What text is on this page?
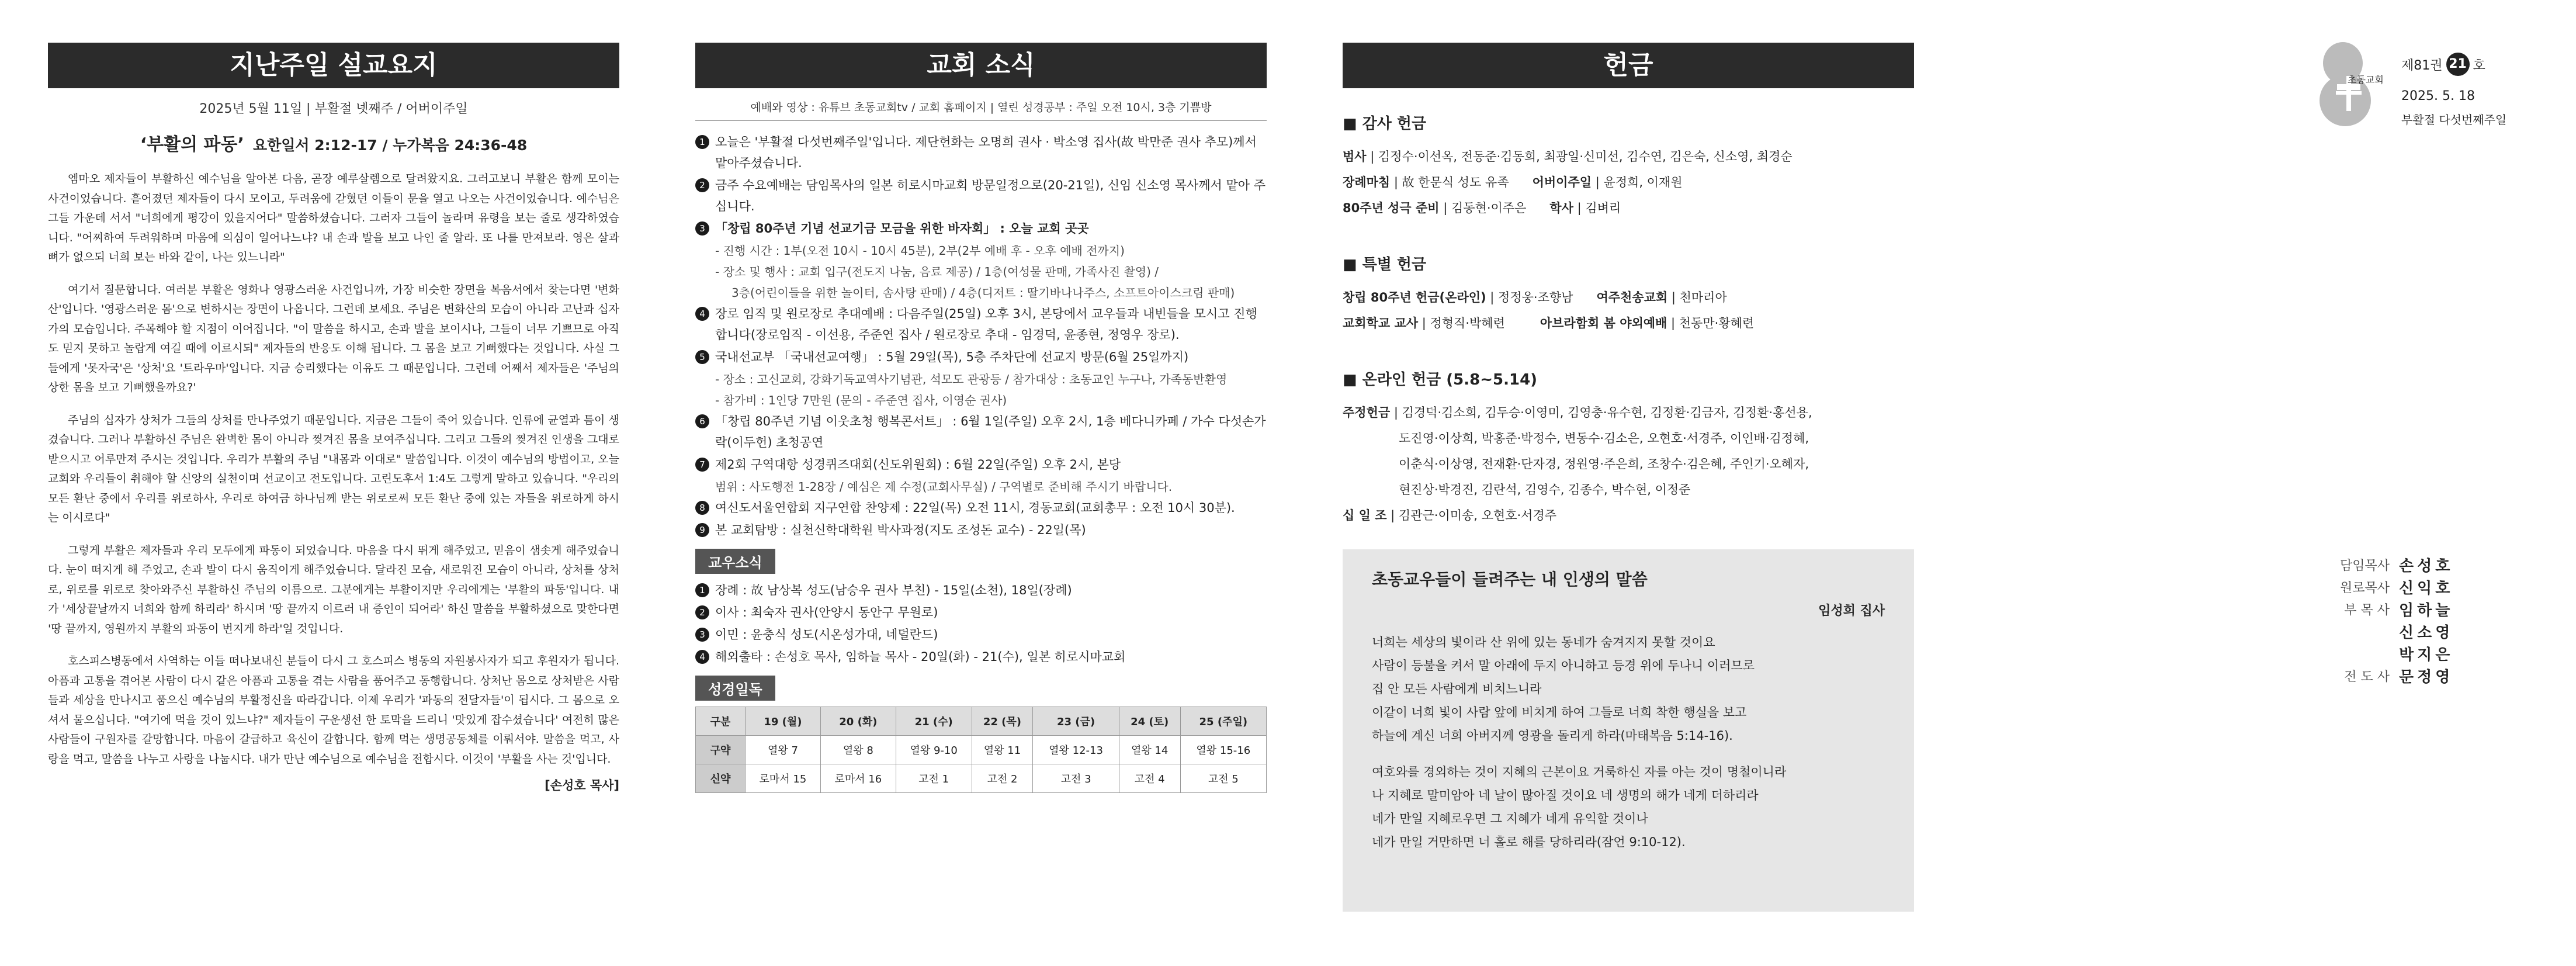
지난주일 설교요지
2025년 5월 11일 | 부활절 넷째주 / 어버이주일
‘부활의 파동’ 요한일서 2:12-17 / 누가복음 24:36-48

엠마오 제자들이 부활하신 예수님을 알아본 다음, 곧장 예루살렘으로 달려왔지요. 그러고보니 부활은 함께 모이는 사건이었습니다. 흩어졌던 제자들이 다시 모이고, 두려움에 갇혔던 이들이 문을 열고 나오는 사건이었습니다. 예수님은 그들 가운데 서서 "너희에게 평강이 있을지어다" 말씀하셨습니다. 그러자 그들이 놀라며 유령을 보는 줄로 생각하였습니다. "어찌하여 두려워하며 마음에 의심이 일어나느냐? 내 손과 발을 보고 나인 줄 알라. 또 나를 만져보라. 영은 살과 뼈가 없으되 너희 보는 바와 같이, 나는 있느니라"

여기서 질문합니다. 여러분 부활은 영화나 영광스러운 사건입니까, 가장 비슷한 장면을 복음서에서 찾는다면 '변화산'입니다. '영광스러운 몸'으로 변하시는 장면이 나옵니다. 그런데 보세요. 주님은 변화산의 모습이 아니라 고난과 십자가의 모습입니다. 주목해야 할 지점이 이어집니다. "이 말씀을 하시고, 손과 발을 보이시나, 그들이 너무 기쁘므로 아직도 믿지 못하고 놀랍게 여길 때에 이르시되" 제자들의 반응도 이해 됩니다. 그 몸을 보고 기뻐했다는 것입니다. 사실 그들에게 '못자국'은 '상처'요 '트라우마'입니다. 지금 승리했다는 이유도 그 때문입니다. 그런데 어째서 제자들은 '주님의 상한 몸을 보고 기뻐했을까요?'

주님의 십자가 상처가 그들의 상처를 만나주었기 때문입니다. 지금은 그들이 죽어 있습니다. 인류에 균열과 틈이 생겼습니다. 그러나 부활하신 주님은 완벽한 몸이 아니라 찢겨진 몸을 보여주십니다. 그리고 그들의 찢겨진 인생을 그대로 받으시고 어루만져 주시는 것입니다. 우리가 부활의 주님 "내몸과 이대로" 말씀입니다. 이것이 예수님의 방법이고, 오늘 교회와 우리들이 취해야 할 신앙의 실천이며 선교이고 전도입니다. 고린도후서 1:4도 그렇게 말하고 있습니다. "우리의 모든 환난 중에서 우리를 위로하사, 우리로 하여금 하나님께 받는 위로로써 모든 환난 중에 있는 자들을 위로하게 하시는 이시로다"

그렇게 부활은 제자들과 우리 모두에게 파동이 되었습니다. 마음을 다시 뛰게 해주었고, 믿음이 샘솟게 해주었습니다. 눈이 떠지게 해 주었고, 손과 발이 다시 움직이게 해주었습니다. 달라진 모습, 새로워진 모습이 아니라, 상처를 상처로, 위로를 위로로 찾아와주신 부활하신 주님의 이름으로. 그분에게는 부활이지만 우리에게는 '부활의 파동'입니다. 내가 '세상끝날까지 너희와 함께 하리라' 하시며 '땅 끝까지 이르러 내 증인이 되어라' 하신 말씀을 부활하셨으로 맞한다면 '땅 끝까지, 영원까지 부활의 파동이 번지게 하라'일 것입니다.

호스피스병동에서 사역하는 이들 떠나보내신 분들이 다시 그 호스피스 병동의 자원봉사자가 되고 후원자가 됩니다. 아픔과 고통을 겪어본 사람이 다시 같은 아픔과 고통을 겪는 사람을 품어주고 동행합니다. 상처난 몸으로 상처받은 사람들과 세상을 만나시고 품으신 예수님의 부활정신을 따라갑니다. 이제 우리가 '파동의 전달자들'이 됩시다. 그 몸으로 오셔서 물으십니다. "여기에 먹을 것이 있느냐?" 제자들이 구운생선 한 토막을 드리니 '맛있게 잡수셨습니다' 여전히 많은 사람들이 구원자를 갈망합니다. 마음이 갈급하고 육신이 갈합니다. 함께 먹는 생명공동체를 이뤄서야. 말씀을 먹고, 사랑을 먹고, 말씀을 나누고 사랑을 나눕시다. 내가 만난 예수님으로 예수님을 전합시다. 이것이 '부활을 사는 것'입니다.

[손성호 목사]
교회 소식
예배와 영상 : 유튜브 초동교회tv / 교회 홈페이지 | 열린 성경공부 : 주일 오전 10시, 3층 기쁨방
1 오늘은 '부활절 다섯번째주일'입니다. 제단헌화는 오명희 권사 · 박소영 집사(故 박만준 권사 추모)께서 맡아주셨습니다.
2 금주 수요예배는 담임목사의 일본 히로시마교회 방문일정으로(20-21일), 신임 신소영 목사께서 맡아 주십니다.
3 「창립 80주년 기념 선교기금 모금을 위한 바자회」 : 오늘 교회 곳곳
- 진행 시간 : 1부(오전 10시 - 10시 45분), 2부(2부 예배 후 - 오후 예배 전까지)
- 장소 및 행사 : 교회 입구(전도지 나눔, 음료 제공) / 1층(여성물 판매, 가족사진 촬영) /
3층(어린이들을 위한 놀이터, 솜사탕 판매) / 4층(디저트 : 딸기바나나주스, 소프트아이스크림 판매)
4 장로 임직 및 원로장로 추대예배 : 다음주일(25일) 오후 3시, 본당에서 교우들과 내빈들을 모시고 진행합니다(장로임직 - 이선용, 주준연 집사 / 원로장로 추대 - 임경덕, 윤종현, 정영우 장로).
5 국내선교부 「국내선교여행」 : 5월 29일(목), 5층 주차단에 선교지 방문(6월 25일까지)
- 장소 : 고신교회, 강화기독교역사기념관, 석모도 관광등 / 참가대상 : 초동교인 누구나, 가족동반환영
- 참가비 : 1인당 7만원 (문의 - 주준연 집사, 이영순 권사)
6 「창립 80주년 기념 이웃초청 행복콘서트」 : 6월 1일(주일) 오후 2시, 1층 베다니카페 / 가수 다섯손가락(이두헌) 초청공연
7 제2회 구역대항 성경퀴즈대회(신도위원회) : 6월 22일(주일) 오후 2시, 본당
범위 : 사도행전 1-28장 / 예심은 제 수정(교회사무실) / 구역별로 준비해 주시기 바랍니다.
8 여신도서울연합회 지구연합 찬양제 : 22일(목) 오전 11시, 경동교회(교회총무 : 오전 10시 30분).
9 본 교회탐방 : 실천신학대학원 박사과정(지도 조성돈 교수) - 22일(목)
교우소식
1 장례 : 故 남상복 성도(남승우 권사 부친) - 15일(소천), 18일(장례)
2 이사 : 최숙자 권사(안양시 동안구 무원로)
3 이민 : 윤충식 성도(시온성가대, 네덜란드)
4 해외출타 : 손성호 목사, 임하늘 목사 - 20일(화) - 21(수), 일본 히로시마교회
성경일독
구분	19 (월)	20 (화)	21 (수)	22 (목)	23 (금)	24 (토)	25 (주일)
구약	열왕 7	열왕 8	열왕 9-10	열왕 11	열왕 12-13	열왕 14	열왕 15-16
신약	로마서 15	로마서 16	고전 1	고전 2	고전 3	고전 4	고전 5
헌금
■ 감사 헌금
범사 | 김정수·이선옥, 전동준·김동희, 최광일·신미선, 김수연, 김은숙, 신소영, 최경순
장례마침 | 故 한문식 성도 유족 어버이주일 | 윤정희, 이재원
80주년 성극 준비 | 김동현·이주은 학사 | 김벼리
■ 특별 헌금
창립 80주년 헌금(온라인) | 정정웅·조향남 여주천송교회 | 천마리아
교회학교 교사 | 정형직·박혜련	아브라함회 봄 야외예배 | 천동만·황혜련
■ 온라인 헌금 (5.8~5.14)
주정헌금 | 김경덕·김소희, 김두승·이영미, 김영충·유수현, 김정환·김금자, 김정환·홍선용,
도진영·이상희, 박홍준·박정수, 변동수·김소은, 오현호·서경주, 이인배·김정혜,
이춘식·이상영, 전재환·단자경, 정원영·주은희, 조창수·김은혜, 주인기·오혜자,
현진상·박경진, 김란석, 김영수, 김종수, 박수현, 이정준
십 일 조 | 김관근·이미송, 오현호·서경주
초동교우들이 들려주는 내 인생의 말씀
임성희 집사

너희는 세상의 빛이라 산 위에 있는 동네가 숨겨지지 못할 것이요

사람이 등불을 켜서 말 아래에 두지 아니하고 등경 위에 두나니 이러므로

집 안 모든 사람에게 비치느니라

이같이 너희 빛이 사람 앞에 비치게 하여 그들로 너희 착한 행실을 보고

하늘에 계신 너희 아버지께 영광을 돌리게 하라(마태복음 5:14-16).

여호와를 경외하는 것이 지혜의 근본이요 거룩하신 자를 아는 것이 명철이니라

나 지혜로 말미암아 네 날이 많아질 것이요 네 생명의 해가 네게 더하리라

네가 만일 지혜로우면 그 지혜가 네게 유익할 것이나

네가 만일 거만하면 너 홀로 해를 당하리라(잠언 9:10-12).

초동교회
제81권 21 호
2025. 5. 18
부활절 다섯번째주일
담임목사 손성호
원로목사 신익호
부 목 사 임하늘
신소영
박지은
전 도 사 문정영
